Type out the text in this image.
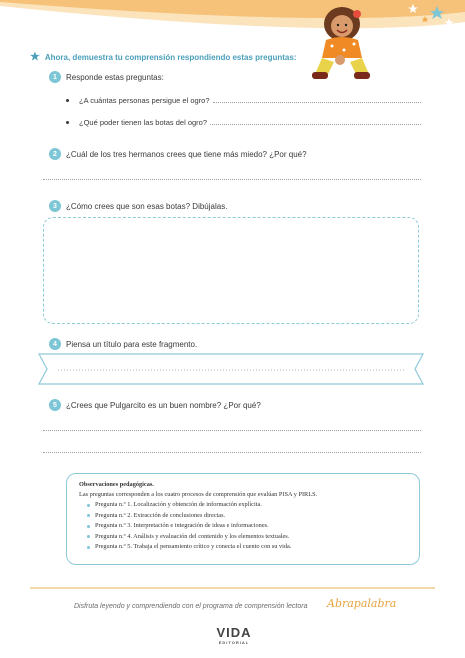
★ Ahora, demuestra tu comprensión respondiendo estas preguntas:
1	Responde estas preguntas:
¿A cuántas personas persigue el ogro?
¿Qué poder tienen las botas del ogro?
2	¿Cuál de los tres hermanos crees que tiene más miedo? ¿Por qué?
3	¿Cómo crees que son esas botas? Dibújalas.
4	Piensa un título para este fragmento.
5	¿Crees que Pulgarcito es un buen nombre? ¿Por qué?
Observaciones pedagógicas.
Las preguntas corresponden a los cuatro procesos de comprensión que evalúan PISA y PIRLS.
Pregunta n.º 1. Localización y obtención de información explícita.
Pregunta n.º 2. Extracción de conclusiones directas.
Pregunta n.º 3. Interpretación e integración de ideas e informaciones.
Pregunta n.º 4. Análisis y evaluación del contenido y los elementos textuales.
Pregunta n.º 5. Trabaja el pensamiento crítico y conecta el cuento con su vida.
Disfruta leyendo y comprendiendo con el programa de comprensión lectora Abrapalabra
VIDA
EDITORIAL
